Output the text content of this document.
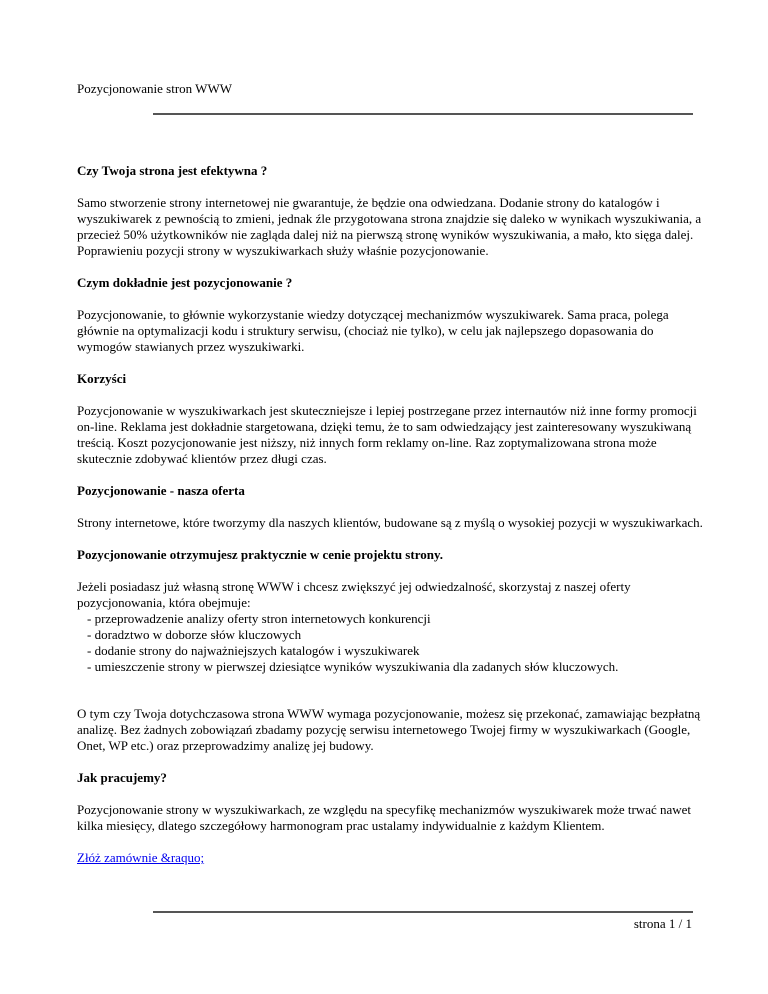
Pozycjonowanie stron WWW
Czy Twoja strona jest efektywna ?

Samo stworzenie strony internetowej nie gwarantuje, że będzie ona odwiedzana. Dodanie strony do katalogów i wyszukiwarek z pewnością to zmieni, jednak źle przygotowana strona znajdzie się daleko w wynikach wyszukiwania, a przecież 50% użytkowników nie zagląda dalej niż na pierwszą stronę wyników wyszukiwania, a mało, kto sięga dalej. Poprawieniu pozycji strony w wyszukiwarkach służy właśnie pozycjonowanie.

Czym dokładnie jest pozycjonowanie ?

Pozycjonowanie, to głównie wykorzystanie wiedzy dotyczącej mechanizmów wyszukiwarek. Sama praca, polega głównie na optymalizacji kodu i struktury serwisu, (chociaż nie tylko), w celu jak najlepszego dopasowania do wymogów stawianych przez wyszukiwarki.

Korzyści

Pozycjonowanie w wyszukiwarkach jest skuteczniejsze i lepiej postrzegane przez internautów niż inne formy promocji on-line. Reklama jest dokładnie stargetowana, dzięki temu, że to sam odwiedzający jest zainteresowany wyszukiwaną treścią. Koszt pozycjonowanie jest niższy, niż innych form reklamy on-line. Raz zoptymalizowana strona może skutecznie zdobywać klientów przez długi czas.

Pozycjonowanie - nasza oferta

Strony internetowe, które tworzymy dla naszych klientów, budowane są z myślą o wysokiej pozycji w wyszukiwarkach.

Pozycjonowanie otrzymujesz praktycznie w cenie projektu strony.
Jeżeli posiadasz już własną stronę WWW i chcesz zwiększyć jej odwiedzalność, skorzystaj z naszej oferty pozycjonowania, która obejmuje:
- przeprowadzenie analizy oferty stron internetowych konkurencji
- doradztwo w doborze słów kluczowych
- dodanie strony do najważniejszych katalogów i wyszukiwarek
- umieszczenie strony w pierwszej dziesiątce wyników wyszukiwania dla zadanych słów kluczowych.

O tym czy Twoja dotychczasowa strona WWW wymaga pozycjonowanie, możesz się przekonać, zamawiając bezpłatną analizę. Bez żadnych zobowiązań zbadamy pozycję serwisu internetowego Twojej firmy w wyszukiwarkach (Google, Onet, WP etc.) oraz przeprowadzimy analizę jej budowy.

Jak pracujemy?

Pozycjonowanie strony w wyszukiwarkach, ze względu na specyfikę mechanizmów wyszukiwarek może trwać nawet kilka miesięcy, dlatego szczegółowy harmonogram prac ustalamy indywidualnie z każdym Klientem.

Złóż zamównie &raquo;

strona 1 / 1
